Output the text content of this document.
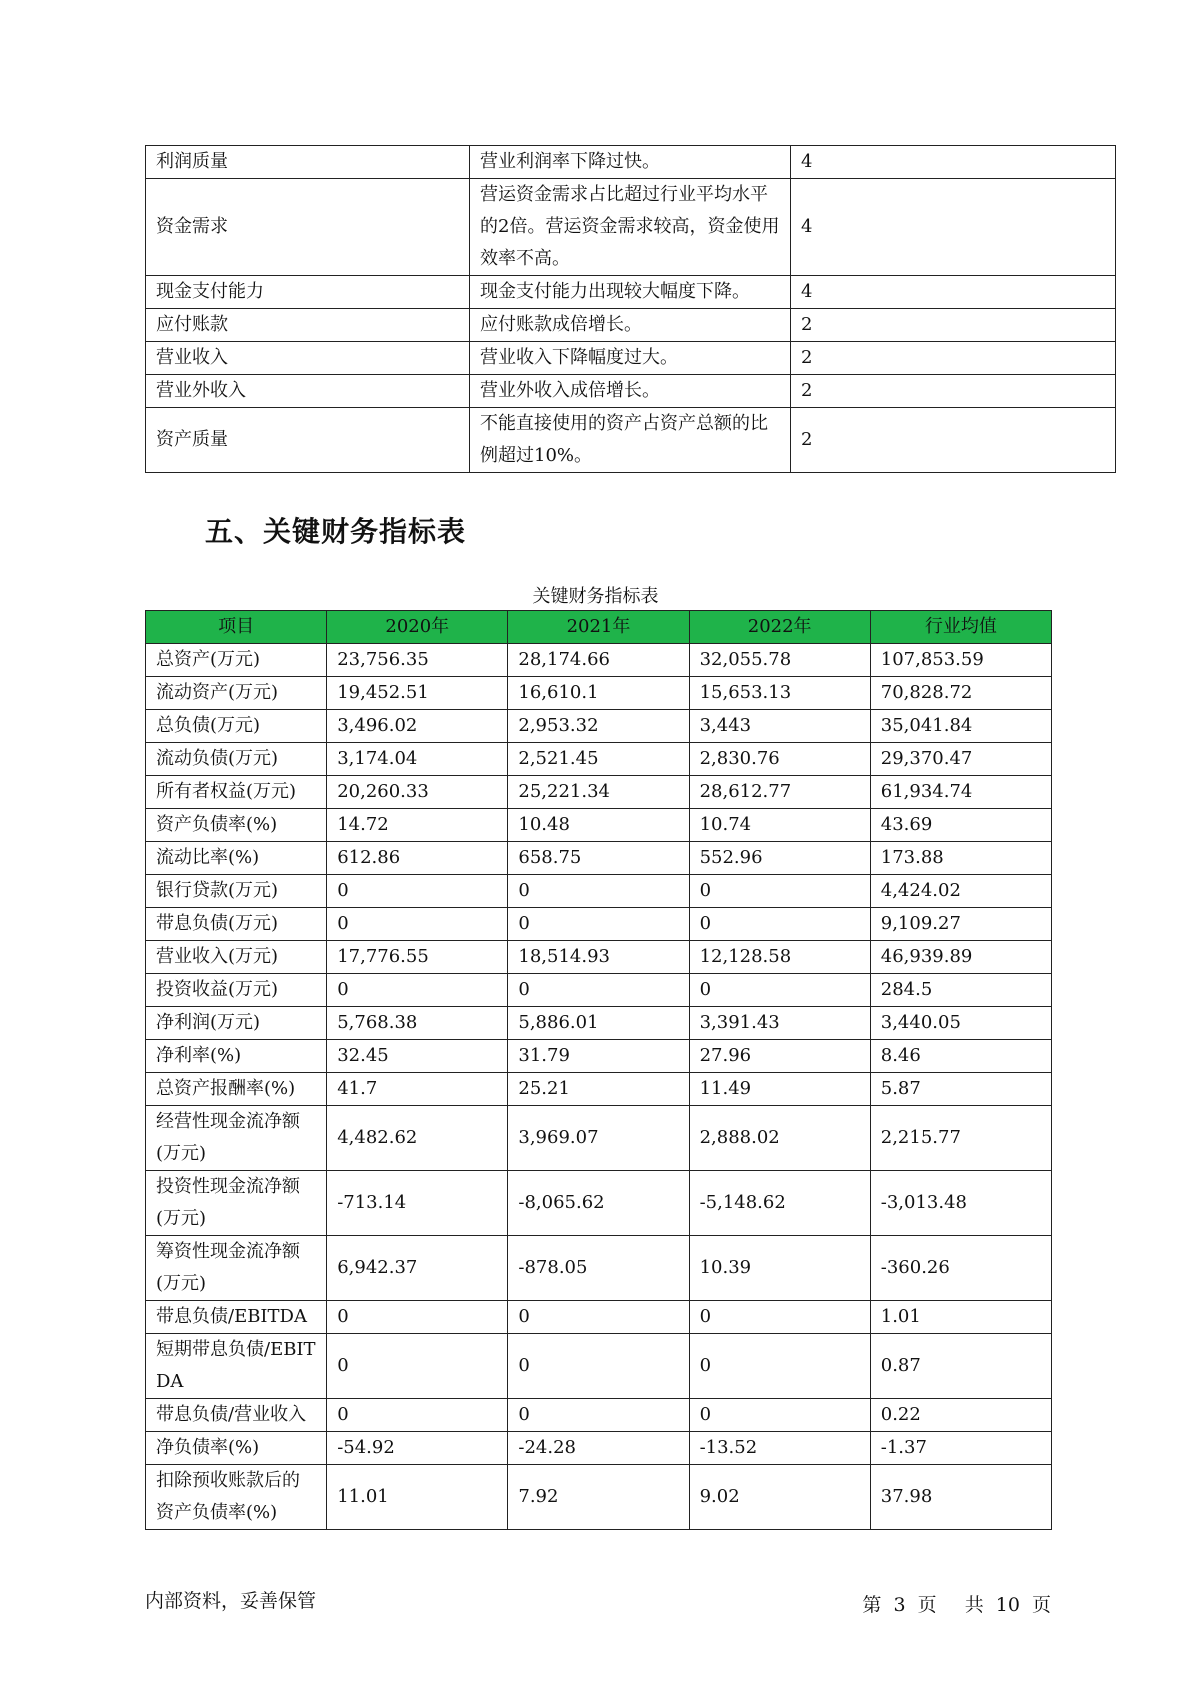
利润质量	营业利润率下降过快。	4
资金需求	营运资金需求占比超过行业平均水平的2倍。营运资金需求较高，资金使用效率不高。	4
现金支付能力	现金支付能力出现较大幅度下降。	4
应付账款	应付账款成倍增长。	2
营业收入	营业收入下降幅度过大。	2
营业外收入	营业外收入成倍增长。	2
资产质量	不能直接使用的资产占资产总额的比例超过10%。	2
五、关键财务指标表
关键财务指标表
项目	2020年	2021年	2022年	行业均值
总资产(万元)	23,756.35	28,174.66	32,055.78	107,853.59
流动资产(万元)	19,452.51	16,610.1	15,653.13	70,828.72
总负债(万元)	3,496.02	2,953.32	3,443	35,041.84
流动负债(万元)	3,174.04	2,521.45	2,830.76	29,370.47
所有者权益(万元)	20,260.33	25,221.34	28,612.77	61,934.74
资产负债率(%)	14.72	10.48	10.74	43.69
流动比率(%)	612.86	658.75	552.96	173.88
银行贷款(万元)	0	0	0	4,424.02
带息负债(万元)	0	0	0	9,109.27
营业收入(万元)	17,776.55	18,514.93	12,128.58	46,939.89
投资收益(万元)	0	0	0	284.5
净利润(万元)	5,768.38	5,886.01	3,391.43	3,440.05
净利率(%)	32.45	31.79	27.96	8.46
总资产报酬率(%)	41.7	25.21	11.49	5.87
经营性现金流净额(万元)	4,482.62	3,969.07	2,888.02	2,215.77
投资性现金流净额(万元)	-713.14	-8,065.62	-5,148.62	-3,013.48
筹资性现金流净额(万元)	6,942.37	-878.05	10.39	-360.26
带息负债/EBITDA	0	0	0	1.01
短期带息负债/EBITDA	0	0	0	0.87
带息负债/营业收入	0	0	0	0.22
净负债率(%)	-54.92	-24.28	-13.52	-1.37
扣除预收账款后的资产负债率(%)	11.01	7.92	9.02	37.98
内部资料，妥善保管	第 3 页 共 10 页
